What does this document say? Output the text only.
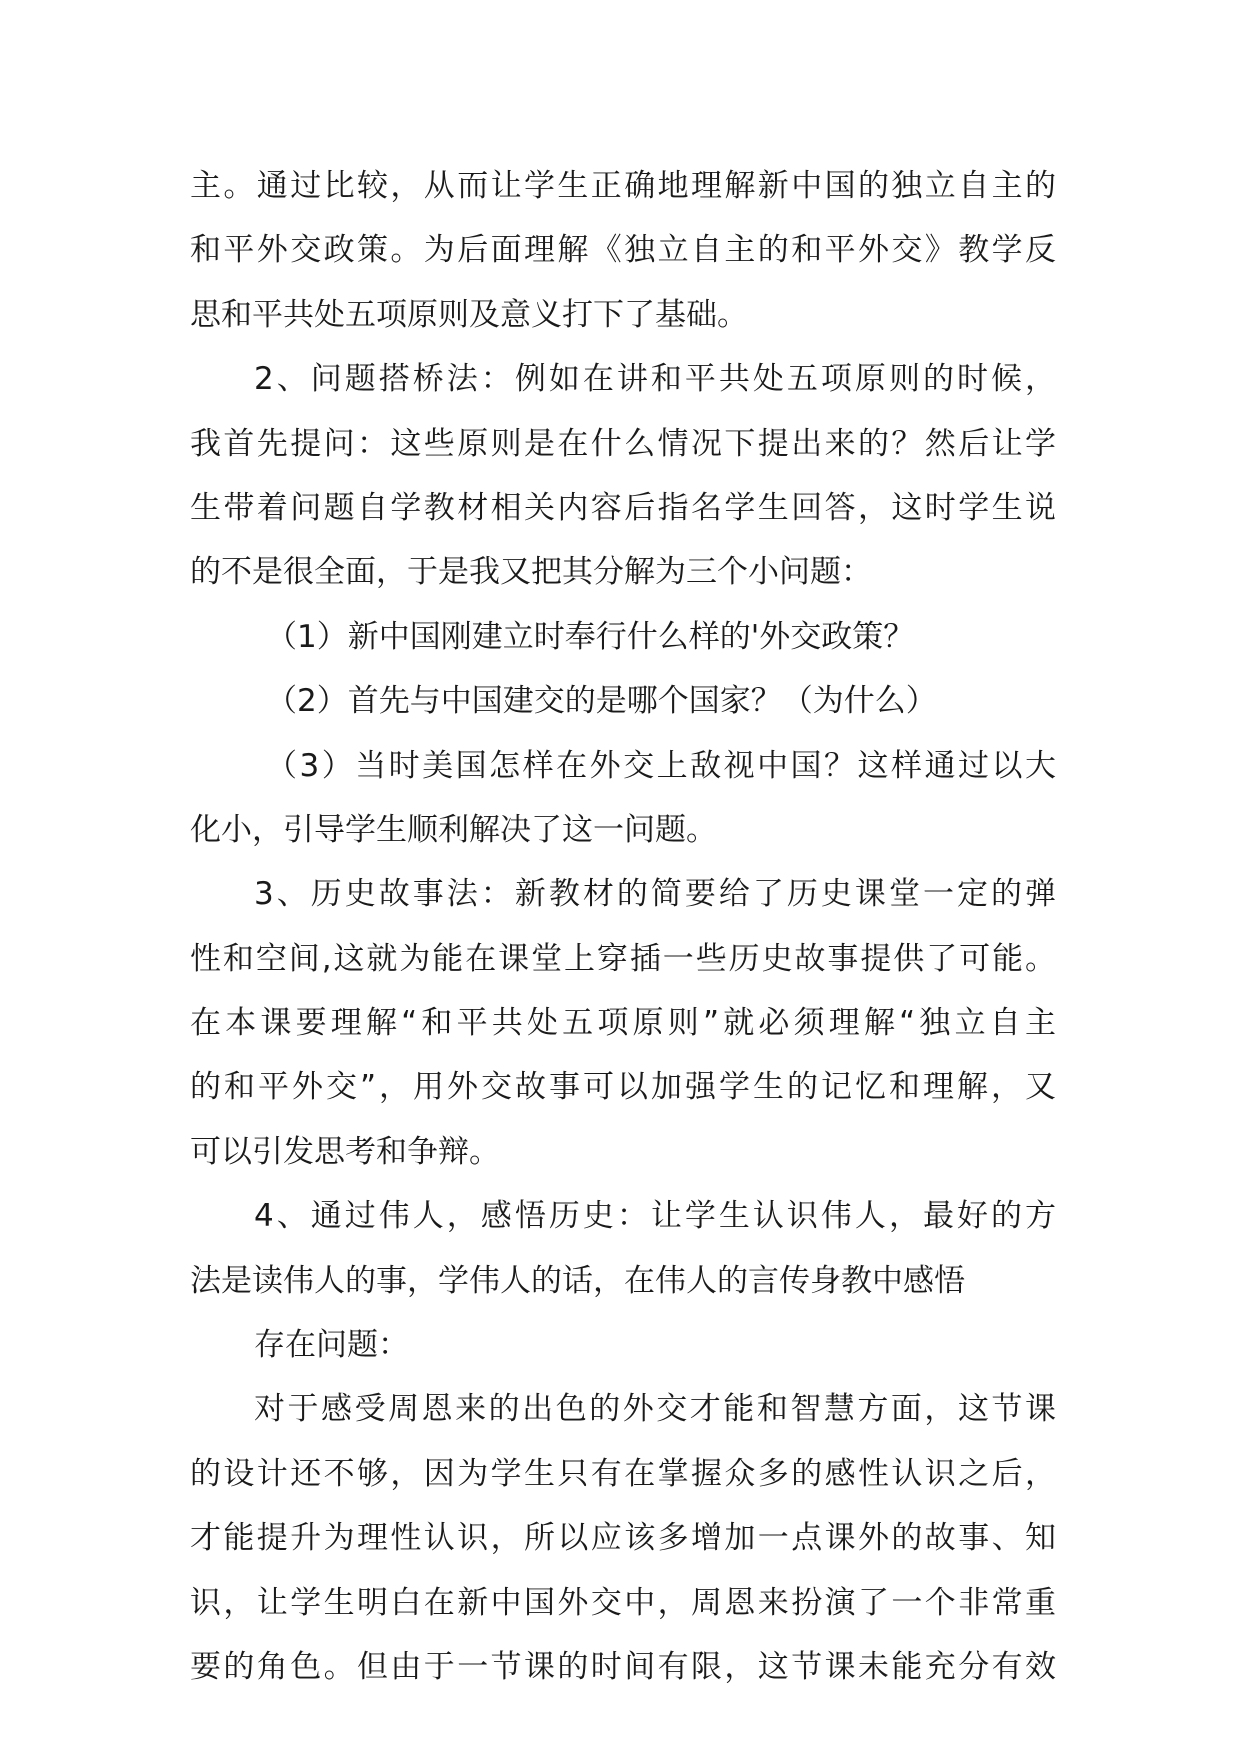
主。通过比较，从而让学生正确地理解新中国的独立自主的
和平外交政策。为后面理解《独立自主的和平外交》教学反
思和平共处五项原则及意义打下了基础。
2、问题搭桥法：例如在讲和平共处五项原则的时候，
我首先提问：这些原则是在什么情况下提出来的？然后让学
生带着问题自学教材相关内容后指名学生回答，这时学生说
的不是很全面，于是我又把其分解为三个小问题：
（1）新中国刚建立时奉行什么样的'外交政策？
（2）首先与中国建交的是哪个国家？（为什么）
（3）当时美国怎样在外交上敌视中国？这样通过以大
化小，引导学生顺利解决了这一问题。
3、历史故事法：新教材的简要给了历史课堂一定的弹
性和空间,这就为能在课堂上穿插一些历史故事提供了可能。
在本课要理解“和平共处五项原则”就必须理解“独立自主
的和平外交”，用外交故事可以加强学生的记忆和理解，又
可以引发思考和争辩。
4、通过伟人，感悟历史：让学生认识伟人，最好的方
法是读伟人的事，学伟人的话，在伟人的言传身教中感悟
存在问题：
对于感受周恩来的出色的外交才能和智慧方面，这节课
的设计还不够，因为学生只有在掌握众多的感性认识之后，
才能提升为理性认识，所以应该多增加一点课外的故事、知
识，让学生明白在新中国外交中，周恩来扮演了一个非常重
要的角色。但由于一节课的时间有限，这节课未能充分有效
